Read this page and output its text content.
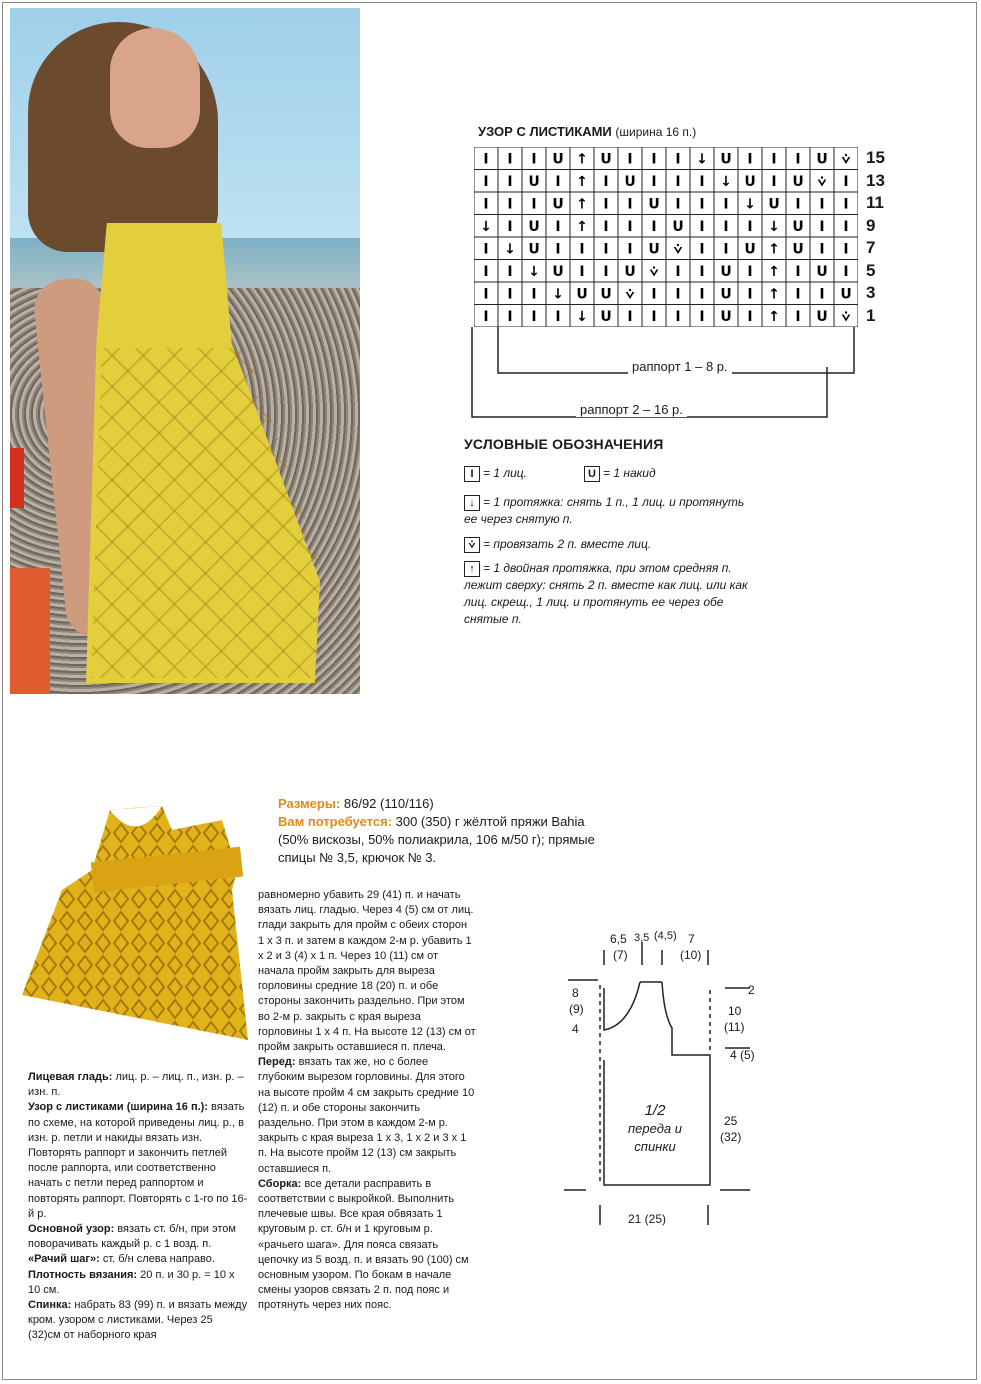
УЗОР С ЛИСТИКАМИ (ширина 16 п.)
I I I U ↑ U I I I ↓ U I I I U ⩒
I I U I ↑ I U I I I ↓ U I U ⩒ I
I I I U ↑ I I U I I I ↓ U I I I
↓ I U I ↑ I I I U I I I ↓ U I I
I ↓ U I I I I U ⩒ I I U ↑ U I I
I I ↓ U I I U ⩒ I I U I ↑ I U I
I I I ↓ U U ⩒ I I I U I ↑ I I U
I I I I ↓ U I I I I U I ↑ I U ⩒
15
13
11
9
7
5
3
1
раппорт 1 – 8 р.
раппорт 2 – 16 р.
УСЛОВНЫЕ ОБОЗНАЧЕНИЯ
I = 1 лиц.	U = 1 накид
↓ = 1 протяжка: снять 1 п., 1 лиц. и протянуть ее через снятую п.
⩒ = провязать 2 п. вместе лиц.
↑ = 1 двойная протяжка, при этом средняя п. лежит сверху: снять 2 п. вместе как лиц. или как лиц. скрещ., 1 лиц. и протянуть ее через обе снятые п.
Размеры: 86/92 (110/116)
Вам потребуется: 300 (350) г жёлтой пряжи Bahia (50% вискозы, 50% полиакрила, 106 м/50 г); прямые спицы № 3,5, крючок № 3.
Лицевая гладь: лиц. р. – лиц. п., изн. р. – изн. п.
Узор с листиками (ширина 16 п.): вязать по схеме, на которой приведены лиц. р., в изн. р. петли и накиды вязать изн. Повторять раппорт и закончить петлей после раппорта, или соответственно начать с петли перед раппортом и повторять раппорт. Повторять с 1-го по 16-й р.
Основной узор: вязать ст. б/н, при этом поворачивать каждый р. с 1 возд. п.
«Рачий шаг»: ст. б/н слева направо.
Плотность вязания: 20 п. и 30 р. = 10 х 10 см.
Спинка: набрать 83 (99) п. и вязать между кром. узором с листиками. Через 25 (32)см от наборного края
равномерно убавить 29 (41) п. и начать вязать лиц. гладью. Через 4 (5) см от лиц. глади закрыть для пройм с обеих сторон 1 х 3 п. и затем в каждом 2-м р. убавить 1 х 2 и 3 (4) х 1 п. Через 10 (11) см от начала пройм закрыть для выреза горловины средние 18 (20) п. и обе стороны закончить раздельно. При этом во 2-м р. закрыть с края выреза горловины 1 х 4 п. На высоте 12 (13) см от пройм закрыть оставшиеся п. плеча.
Перед: вязать так же, но с более глубоким вырезом горловины. Для этого на высоте пройм 4 см закрыть средние 10 (12) п. и обе стороны закончить раздельно. При этом в каждом 2-м р. закрыть с края выреза 1 х 3, 1 х 2 и 3 х 1 п. На высоте пройм 12 (13) см закрыть оставшиеся п.
Сборка: все детали расправить в соответствии с выкройкой. Выполнить плечевые швы. Все края обвязать 1 круговым р. ст. б/н и 1 круговым р. «рачьего шага». Для пояса связать цепочку из 5 возд. п. и вязать 90 (100) см основным узором. По бокам в начале смены узоров связать 2 п. под пояс и протянуть через них пояс.
6,5 3,5 (4,5) 7
(7)	(10)
8
(9)
4
2
10
(11)
4 (5)
25
(32)
21 (25)
1/2
переда и
спинки
